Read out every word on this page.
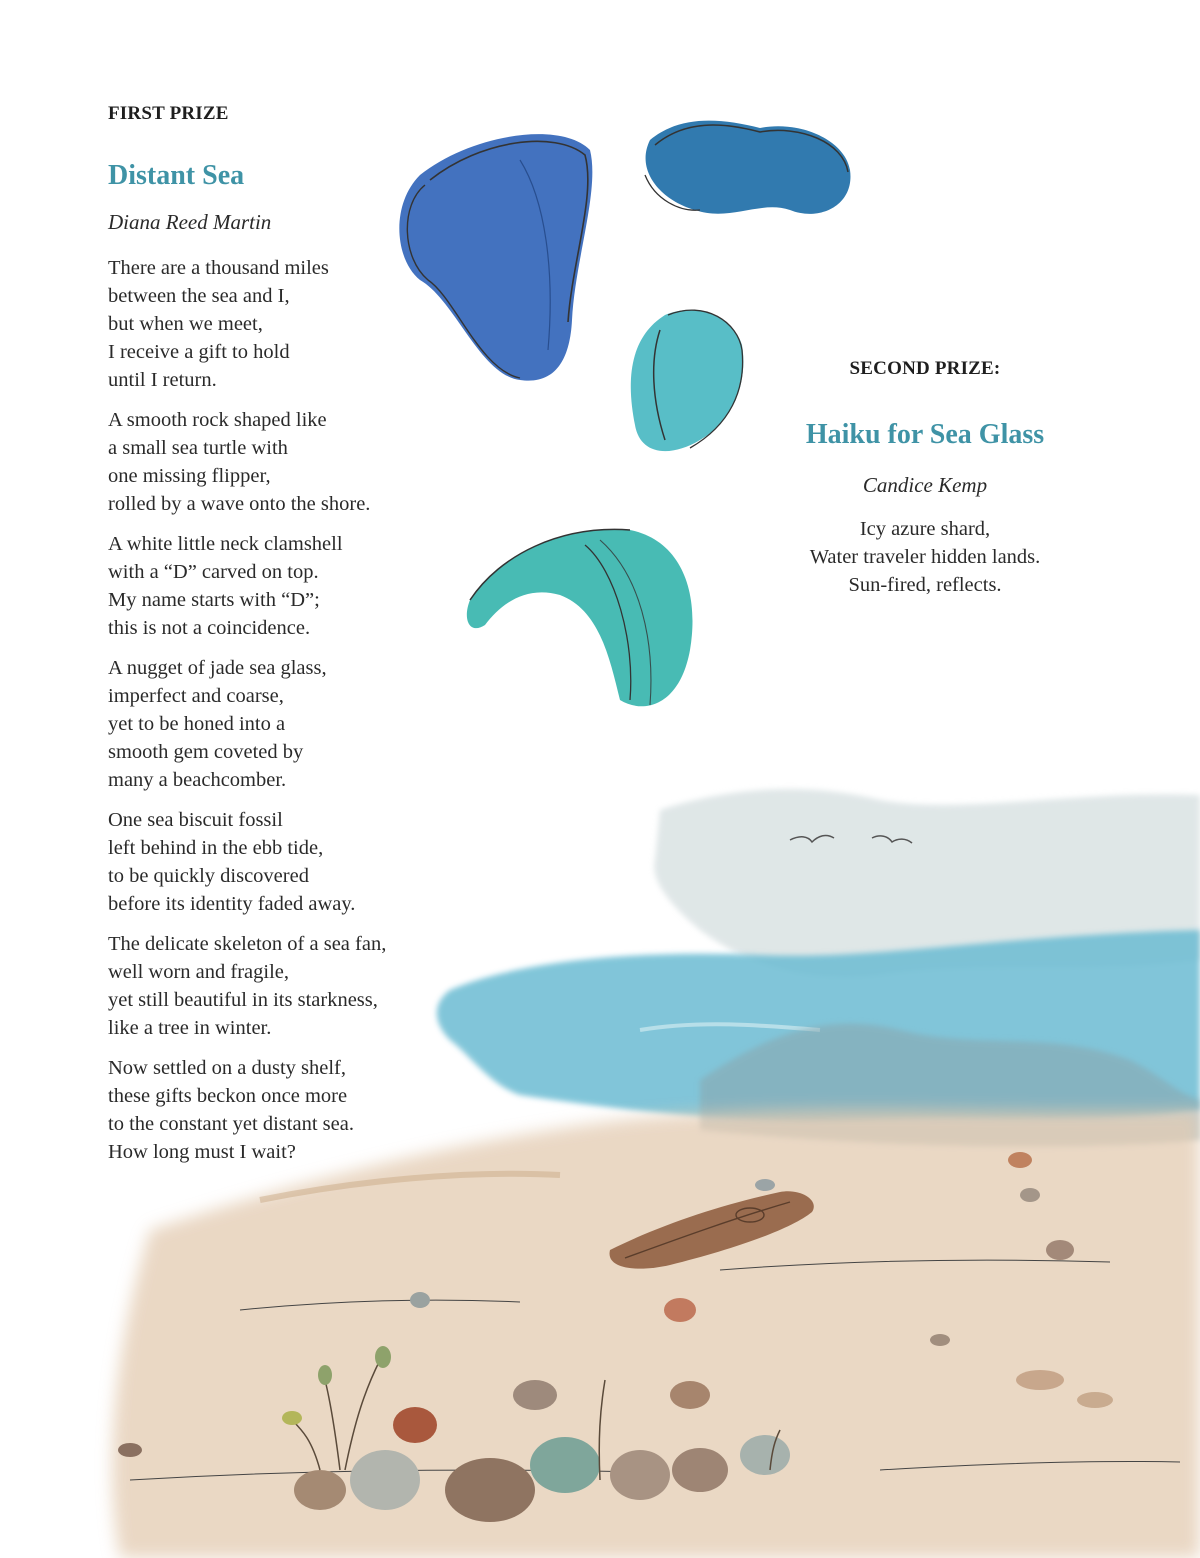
FIRST PRIZE
Distant Sea
Diana Reed Martin
There are a thousand miles
between the sea and I,
but when we meet,
I receive a gift to hold
until I return.
A smooth rock shaped like
a small sea turtle with
one missing flipper,
rolled by a wave onto the shore.
A white little neck clamshell
with a “D” carved on top.
My name starts with “D”;
this is not a coincidence.
A nugget of jade sea glass,
imperfect and coarse,
yet to be honed into a
smooth gem coveted by
many a beachcomber.
One sea biscuit fossil
left behind in the ebb tide,
to be quickly discovered
before its identity faded away.
The delicate skeleton of a sea fan,
well worn and fragile,
yet still beautiful in its starkness,
like a tree in winter.
Now settled on a dusty shelf,
these gifts beckon once more
to the constant yet distant sea.
How long must I wait?
SECOND PRIZE:
Haiku for Sea Glass
Candice Kemp
Icy azure shard,
Water traveler hidden lands.
Sun-fired, reflects.
